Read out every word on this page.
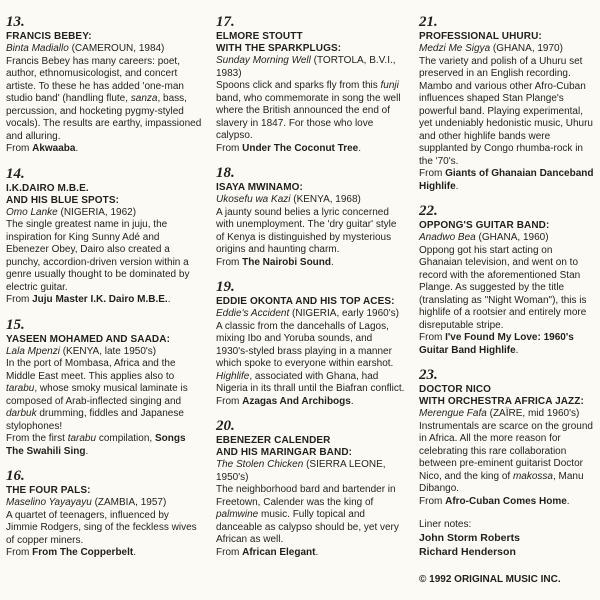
13.
FRANCIS BEBEY:
Binta Madiallo (CAMEROUN, 1984)

Francis Bebey has many careers: poet, author, ethnomusicologist, and concert artiste. To these he has added 'one-man studio band' (handling flute, sanza, bass, percussion, and hocketing pygmy-styled vocals). The results are earthy, impassioned and alluring.

From Akwaaba.
14.
I.K.DAIRO M.B.E.
AND HIS BLUE SPOTS:
Omo Lanke (NIGERIA, 1962)

The single greatest name in juju, the inspiration for King Sunny Adé and Ebenezer Obey, Dairo also created a punchy, accordion-driven version within a genre usually thought to be dominated by electric guitar.

From Juju Master I.K. Dairo M.B.E..
15.
YASEEN MOHAMED AND SAADA:
Lala Mpenzi (KENYA, late 1950's)

In the port of Mombasa, Africa and the Middle East meet. This applies also to tarabu, whose smoky musical laminate is composed of Arab-inflected singing and darbuk drumming, fiddles and Japanese stylophones!

From the first tarabu compilation, Songs The Swahili Sing.
16.
THE FOUR PALS:
Maselino Yayayayu (ZAMBIA, 1957)

A quartet of teenagers, influenced by Jimmie Rodgers, sing of the feckless wives of copper miners.

From From The Copperbelt.
17.
ELMORE STOUTT
WITH THE SPARKPLUGS:
Sunday Morning Well (TORTOLA, B.V.I., 1983)

Spoons click and sparks fly from this funji band, who commemorate in song the well where the British announced the end of slavery in 1847. For those who love calypso.

From Under The Coconut Tree.
18.
ISAYA MWINAMO:
Ukosefu wa Kazi (KENYA, 1968)

A jaunty sound belies a lyric concerned with unemployment. The 'dry guitar' style of Kenya is distinguished by mysterious origins and haunting charm.

From The Nairobi Sound.
19.
EDDIE OKONTA AND HIS TOP ACES:
Eddie's Accident (NIGERIA, early 1960's)

A classic from the dancehalls of Lagos, mixing Ibo and Yoruba sounds, and 1930's-styled brass playing in a manner which spoke to everyone within earshot. Highlife, associated with Ghana, had Nigeria in its thrall until the Biafran conflict.

From Azagas And Archibogs.
20.
EBENEZER CALENDER
AND HIS MARINGAR BAND:
The Stolen Chicken (SIERRA LEONE, 1950's)

The neighborhood bard and bartender in Freetown, Calender was the king of palmwine music. Fully topical and danceable as calypso should be, yet very African as well.

From African Elegant.
21.
PROFESSIONAL UHURU:
Medzi Me Sigya (GHANA, 1970)

The variety and polish of a Uhuru set preserved in an English recording. Mambo and various other Afro-Cuban influences shaped Stan Plange's powerful band. Playing experimental, yet undeniably hedonistic music, Uhuru and other highlife bands were supplanted by Congo rhumba-rock in the '70's.

From Giants of Ghanaian Danceband Highlife.
22.
OPPONG'S GUITAR BAND:
Anadwo Bea (GHANA, 1960)

Oppong got his start acting on Ghanaian television, and went on to record with the aforementioned Stan Plange. As suggested by the title (translating as "Night Woman"), this is highlife of a rootsier and entirely more disreputable stripe.

From I've Found My Love: 1960's Guitar Band Highlife.
23.
DOCTOR NICO
WITH ORCHESTRA AFRICA JAZZ:
Merengue Fafa (ZAÏRE, mid 1960's)

Instrumentals are scarce on the ground in Africa. All the more reason for celebrating this rare collaboration between pre-eminent guitarist Doctor Nico, and the king of makossa, Manu Dibango.

From Afro-Cuban Comes Home.
Liner notes:
John Storm Roberts
Richard Henderson
© 1992 ORIGINAL MUSIC INC.
